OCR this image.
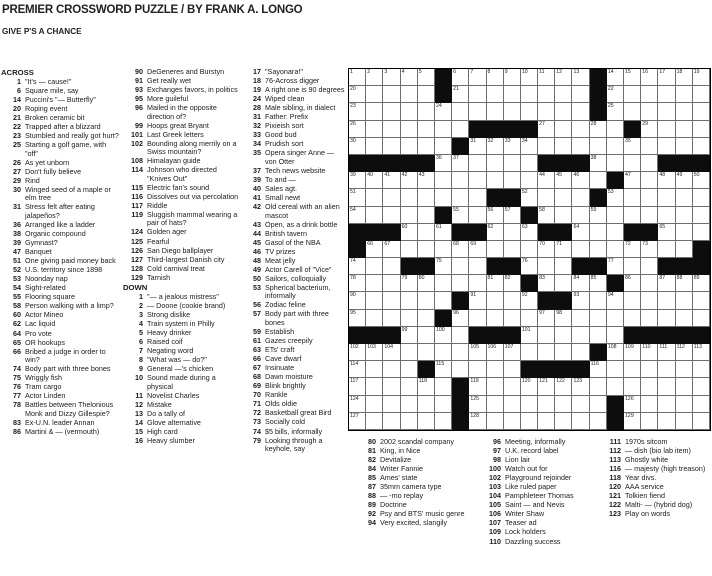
PREMIER CROSSWORD PUZZLE / BY FRANK A. LONGO
GIVE P'S A CHANCE
ACROSS
1 "It's — cause!"
6 Square mile, say
14 Puccini's "— Butterfly"
20 Roping event
21 Broken ceramic bit
22 Trapped after a blizzard
23 Stumbled and really got hurt?
25 Starting a golf game, with "off"
26 As yet unborn
27 Don't fully believe
29 Rind
30 Winged seed of a maple or elm tree
31 Stress felt after eating jalapeños?
36 Arranged like a ladder
38 Organic compound
39 Gymnast?
47 Banquet
51 One giving paid money back
52 U.S. territory since 1898
53 Noonday nap
54 Sight-related
55 Flooring square
58 Person walking with a limp?
60 Actor Mineo
62 Lac liquid
64 Pro vote
65 OR hookups
66 Bribed a judge in order to win?
74 Body part with three bones
75 Wriggly fish
76 Tram cargo
77 Actor Linden
78 Battles between Thelonious Monk and Dizzy Gillespie?
83 Ex-U.N. leader Annan
86 Martini & — (vermouth)
90 DeGeneres and Burstyn
91 Get really wet
93 Exchanges favors, in politics
95 More guileful
96 Mailed in the opposite direction of?
99 Hoops great Bryant
101 Last Greek letters
102 Bounding along merrily on a Swiss mountain?
108 Himalayan guide
114 Johnson who directed "Knives Out"
115 Electric fan's sound
116 Dissolves out via percolation
117 Riddle
119 Sluggish mammal wearing a pair of hats?
124 Golden ager
125 Fearful
126 San Diego ballplayer
127 Third-largest Danish city
128 Cold carnival treat
129 Tarnish
DOWN
1 "— a jealous mistress"
2 — Doone (cookie brand)
3 Strong dislike
4 Train system in Philly
5 Heavy drinker
6 Raised coif
7 Negating word
8 "What was — do?"
9 General —'s chicken
10 Sound made during a physical
11 Novelist Charles
12 Mistake
13 Do a tally of
14 Glove alternative
15 High card
16 Heavy slumber
17 "Sayonara!"
18 76-Across digger
19 A right one is 90 degrees
24 Wiped clean
28 Male sibling, in dialect
31 Father: Prefix
32 Pixieish sort
33 Good bud
34 Prudish sort
35 Opera singer Anne — von Otter
37 Tech news website
39 To and —
40 Sales agt.
41 Small newt
42 Old cereal with an alien mascot
43 Open, as a drink bottle
44 British tavern
45 Gasol of the NBA
46 TV prizes
48 Meat jelly
49 Actor Carell of "Vice"
50 Sailors, colloquially
53 Spherical bacterium, informally
56 Zodiac feline
57 Body part with three bones
59 Establish
61 Gazes creepily
63 ETs' craft
66 Cave dwarf
67 Insinuate
68 Dawn moisture
69 Blink brightly
70 Rankle
71 Olds oldie
72 Basketball great Bird
73 Socially cold
74 $5 bills, informally
79 Looking through a keyhole, say
80 2002 scandal company
81 King, in Nice
82 Devitalize
84 Writer Fannie
85 Ames' state
87 35mm camera type
88 — -mo replay
89 Doctrine
92 Psy and BTS' music genre
94 Very excited, slangily
96 Meeting, informally
97 U.K. record label
98 Lion lair
100 Watch out for
102 Playground rejoinder
103 Like ruled paper
104 Pamphleteer Thomas
105 Saint — and Nevis
106 Writer Shaw
107 Teaser ad
109 Lock holders
110 Dazzling success
111 1970s sitcom
112 — dish (bio lab item)
113 Ghostly white
116 — majesty (high treason)
118 Year divs.
120 AAA service
121 Tolkien fiend
122 Malti- — (hybrid dog)
123 Play on words
1	2	3	4	5	6	7	8	9	10 11 12 13	14 15 16 17 18 19
20	21	22
23	24	25
26	27	28	29
30	31 32 33 34	35
36 37	38
39 40 41 42 43	44 45 46	47	48 49 50
51	52	53
54	55	56 57	58	59
60	61	62	63	64	65
66 67	68 69	70 71	72 73
74	75	76	77
78	79 80	81 82	83	84 85	86	87 88 89
90	91	92	93	94
95	96	97 98
99	100	101
102 103 104	105 106 107	108 109 110 111 112 113
114	115	116
117	118	119	120 121 122 123
124	125	126
127	128	129
